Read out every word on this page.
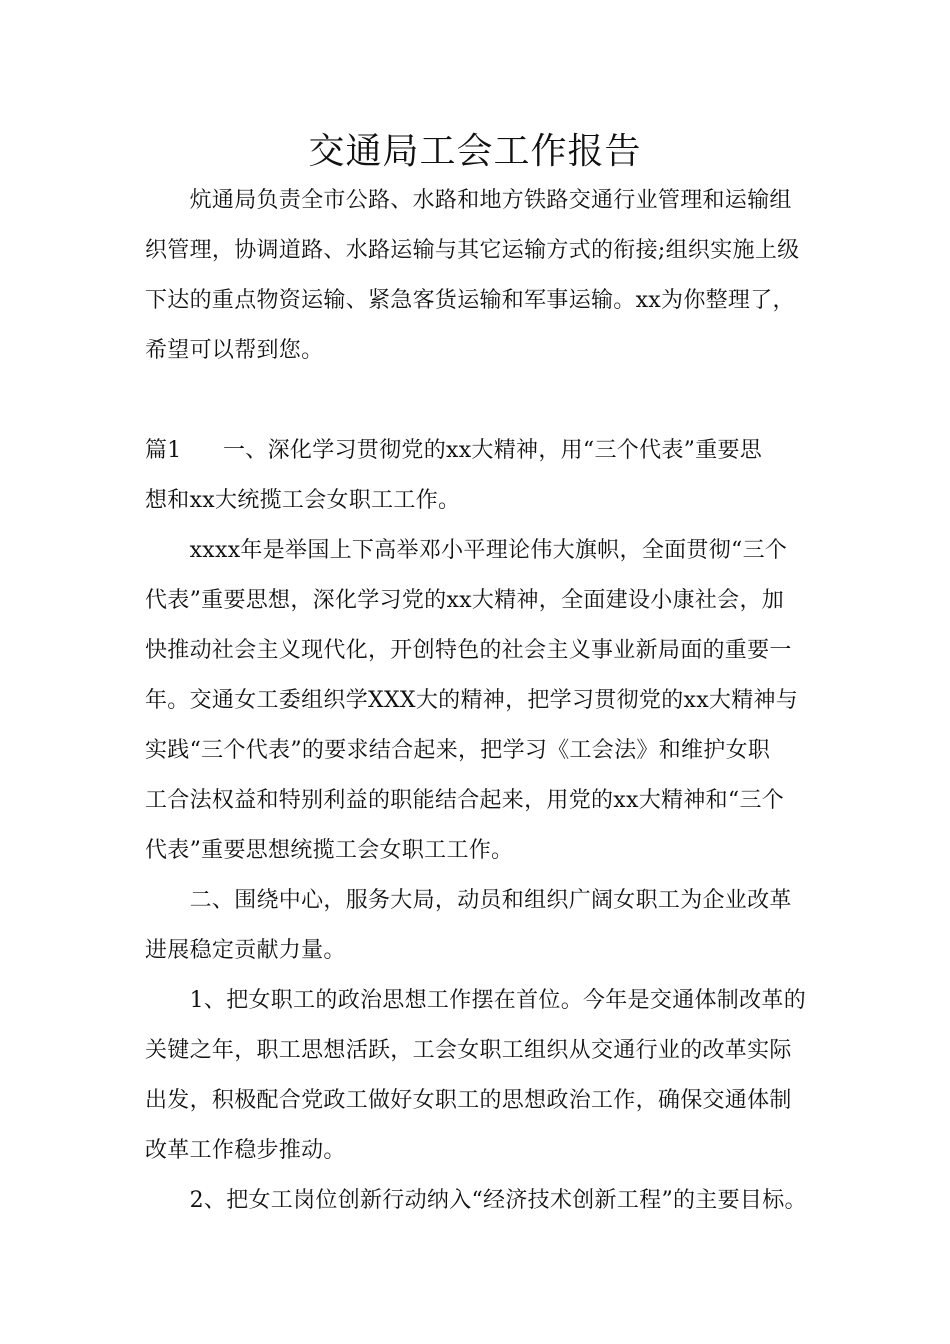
交通局工会工作报告
　　炕通局负责全市公路、水路和地方铁路交通行业管理和运输组
织管理，协调道路、水路运输与其它运输方式的衔接;组织实施上级
下达的重点物资运输、紧急客货运输和军事运输。xx为你整理了，
希望可以帮到您。
篇1 一、深化学习贯彻党的xx大精神，用“三个代表”重要思
想和xx大统揽工会女职工工作。
　　xxxx年是举国上下高举邓小平理论伟大旗帜，全面贯彻“三个
代表”重要思想，深化学习党的xx大精神，全面建设小康社会，加
快推动社会主义现代化，开创特色的社会主义事业新局面的重要一
年。交通女工委组织学XXX大的精神，把学习贯彻党的xx大精神与
实践“三个代表”的要求结合起来，把学习《工会法》和维护女职
工合法权益和特别利益的职能结合起来，用党的xx大精神和“三个
代表”重要思想统揽工会女职工工作。
　　二、围绕中心，服务大局，动员和组织广阔女职工为企业改革
进展稳定贡献力量。
　　1、把女职工的政治思想工作摆在首位。今年是交通体制改革的
关键之年，职工思想活跃，工会女职工组织从交通行业的改革实际
出发，积极配合党政工做好女职工的思想政治工作，确保交通体制
改革工作稳步推动。
　　2、把女工岗位创新行动纳入“经济技术创新工程”的主要目标。
